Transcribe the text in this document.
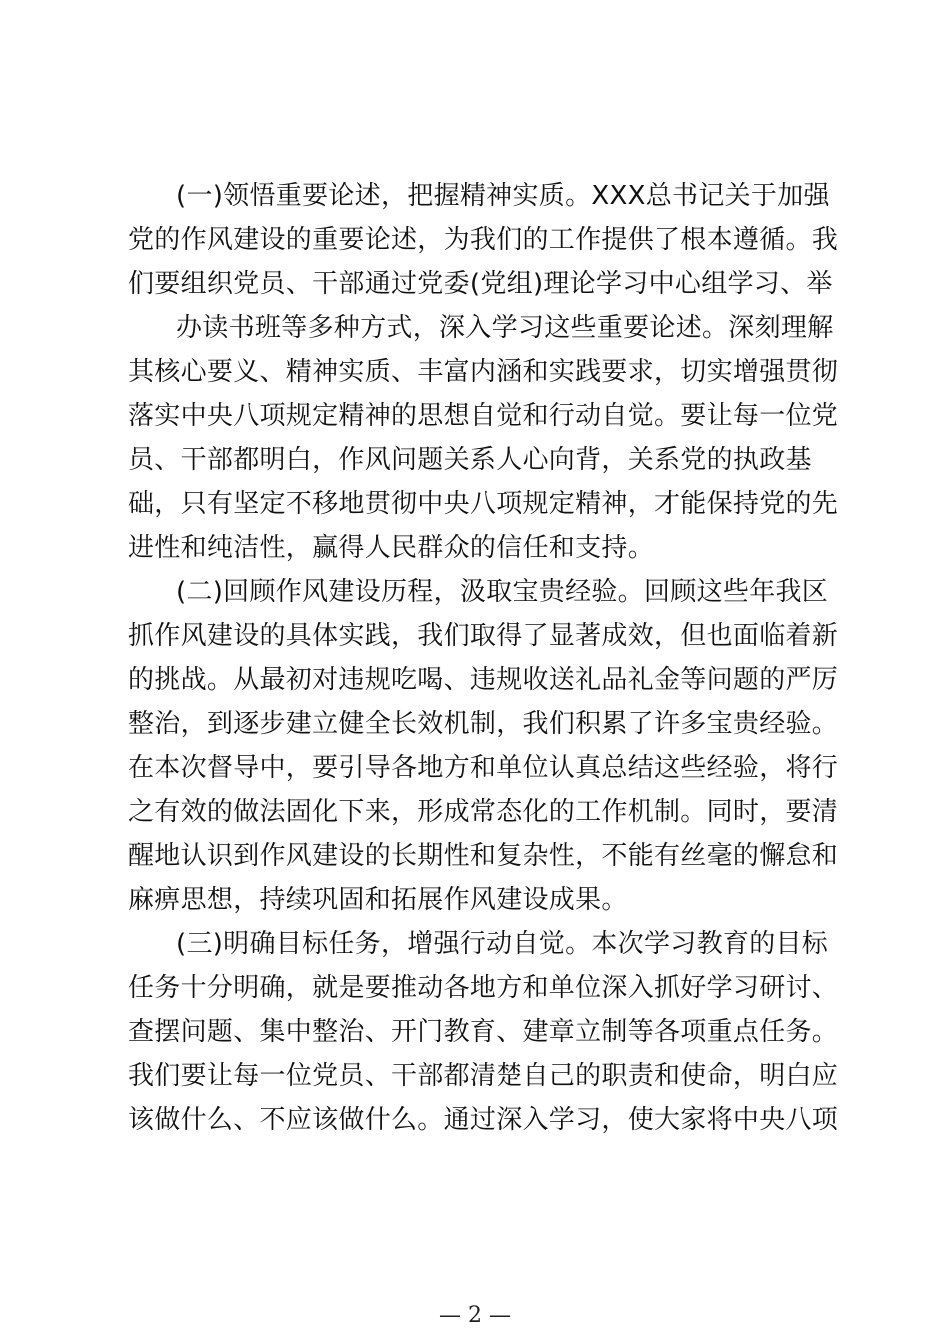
(一)领悟重要论述，把握精神实质。XXX总书记关于加强
党的作风建设的重要论述，为我们的工作提供了根本遵循。我
们要组织党员、干部通过党委(党组)理论学习中心组学习、举
办读书班等多种方式，深入学习这些重要论述。深刻理解
其核心要义、精神实质、丰富内涵和实践要求，切实增强贯彻
落实中央八项规定精神的思想自觉和行动自觉。要让每一位党
员、干部都明白，作风问题关系人心向背，关系党的执政基
础，只有坚定不移地贯彻中央八项规定精神，才能保持党的先
进性和纯洁性，赢得人民群众的信任和支持。
(二)回顾作风建设历程，汲取宝贵经验。回顾这些年我区
抓作风建设的具体实践，我们取得了显著成效，但也面临着新
的挑战。从最初对违规吃喝、违规收送礼品礼金等问题的严厉
整治，到逐步建立健全长效机制，我们积累了许多宝贵经验。
在本次督导中，要引导各地方和单位认真总结这些经验，将行
之有效的做法固化下来，形成常态化的工作机制。同时，要清
醒地认识到作风建设的长期性和复杂性，不能有丝毫的懈怠和
麻痹思想，持续巩固和拓展作风建设成果。
(三)明确目标任务，增强行动自觉。本次学习教育的目标
任务十分明确，就是要推动各地方和单位深入抓好学习研讨、
查摆问题、集中整治、开门教育、建章立制等各项重点任务。
我们要让每一位党员、干部都清楚自己的职责和使命，明白应
该做什么、不应该做什么。通过深入学习，使大家将中央八项
— 2 —
